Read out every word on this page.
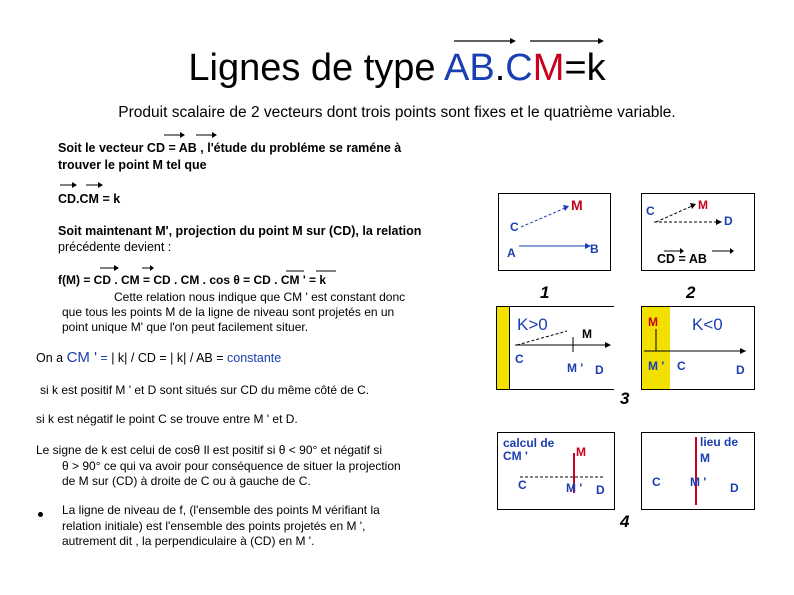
Lignes de type AB.CM=k
Produit scalaire de 2 vecteurs dont trois points sont fixes et le quatrième variable.
Soit le vecteur CD = AB , l'étude du probléme se raméne à
trouver le point M tel que
CD.CM = k
Soit maintenant M', projection du point M sur (CD), la relation
précédente devient :
f(M) = CD . CM = CD . CM . cos θ = CD . CM ' = k
Cette relation nous indique que CM ' est constant donc
que tous les points M de la ligne de niveau sont projetés en un
point unique M' que l'on peut facilement situer.
On a CM ' = | k| / CD = | k| / AB = constante
si k est positif M ' et D sont situés sur CD du même côté de C.
si k est négatif le point C se trouve entre M ' et D.
Le signe de k est celui de cosθ Il est positif si θ < 90° et négatif si
θ > 90° ce qui va avoir pour conséquence de situer la projection
de M sur (CD) à droite de C ou à gauche de C.
La ligne de niveau de f, (l'ensemble des points M vérifiant la
relation initiale) est l'ensemble des points projetés en M ',
autrement dit , la perpendiculaire à (CD) en M '.
M
C
A	B
1
C	M
D
CD = AB
2
K>0	M
C
M ' D
3
M K<0
M ' C	D
calcul de
CM '	M
C	M ' D
4
lieu de
M
C M ' D
